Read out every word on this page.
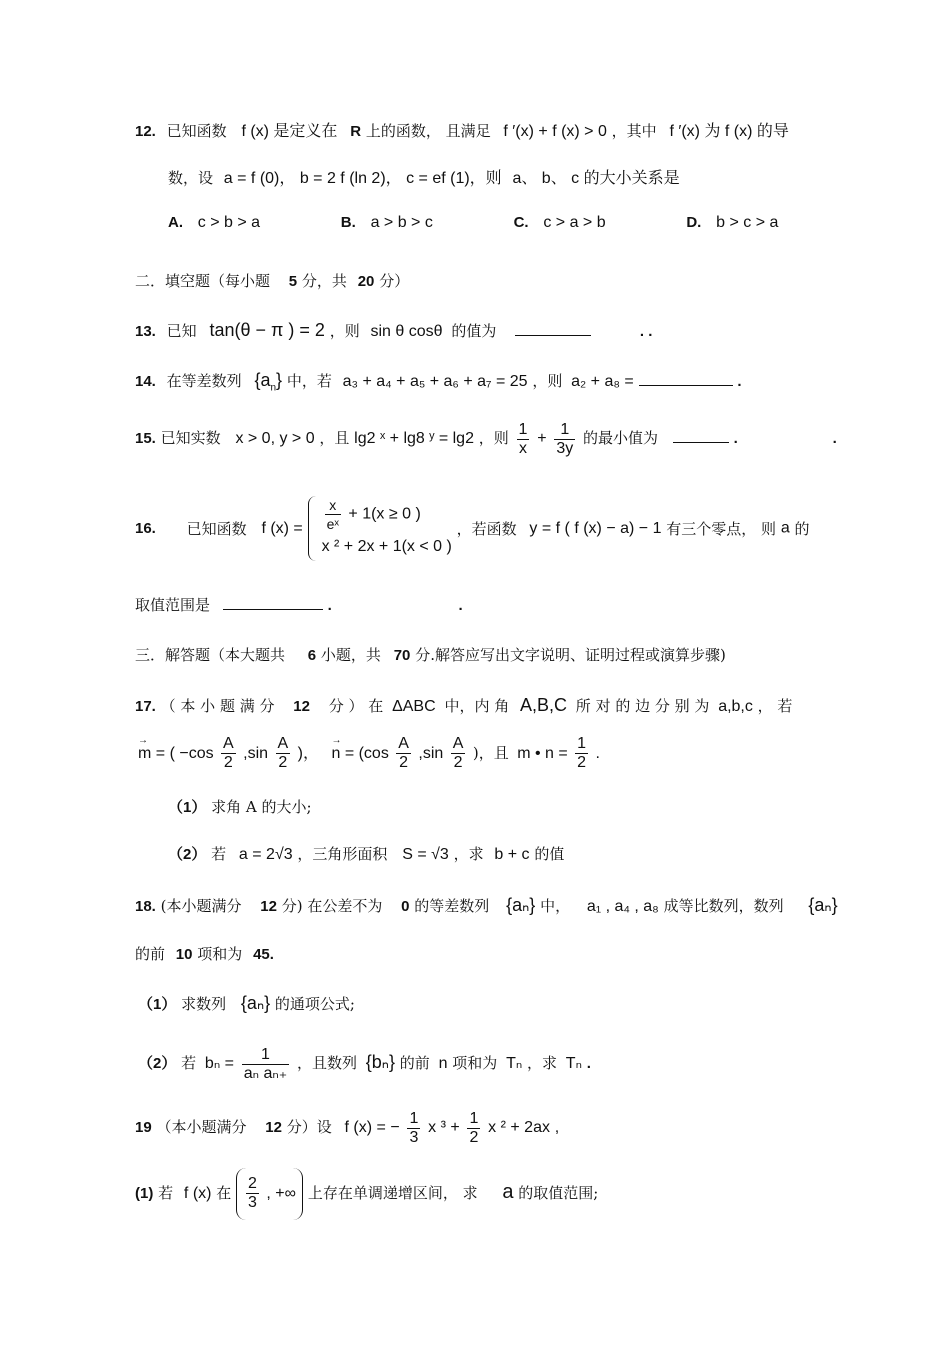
12. 已知函数 f (x) 是定义在 R 上的函数， 且满足 f ′(x) + f (x) > 0 ，其中 f ′(x) 为 f (x) 的导
数，设 a = f (0)， b = 2 f (ln 2)， c = ef (1)，则 a、 b、 c 的大小关系是
A. c > b > a	B. a > b > c	C. c > a > b	D. b > c > a
二．填空题（每小题 5 分，共 20 分）
13. 已知 tan(θ − π ) = 2 ，则 sin θ cosθ 的值为	. .
14. 在等差数列 $\{a_n\}$ 中，若 a₃ + a₄ + a₅ + a₆ + a₇ = 25 ，则 a₂ + a₈ =	.
15. 已知实数 x > 0, y > 0 ，且 lg2 ˣ + lg8 ʸ = lg2 ，则 $\frac{1}{x} + \frac{1}{3y}$ 的最小值为	.	.
16. 已知函数 f $(x) = \frac{x}{\text{eˣ}} + 1(x \ge 0$ )
x ² + 2x + 1(x < 0 )
，若函数 y = f ( f (x) − a) − 1 有三个零点， 则 a 的
取值范围是	.	.
三．解答题（本大题共 6 小题，共 70 分.解答应写出文字说明、证明过程或演算步骤)
17. （ 本 小 题 满 分 12 分 ） 在 ΔABC 中，内 角 A,B,C 所 对 的 边 分 别 为 a,b,c ， 若
→ m = ( $-\cos \frac{A}{2} ,\sin \frac{A}{2}$ )， → $n = (\cos \frac{A}{2} ,\sin \frac{A}{2}$ )，且 m • $n = \frac{1}{2}$ .
（1） 求角 A 的大小;
（2） 若 a = 2√3 ，三角形面积 S = √3 ，求 b + c 的值
18. (本小题满分 12 分) 在公差不为 0 的等差数列 {aₙ} 中， a₁ , a₄ , a₈ 成等比数列，数列 {aₙ}
的前 10 项和为 45.
（1） 求数列 {aₙ} 的通项公式;
（2） 若 $b_n = \frac{1}{\text{aₙ aₙ₊}}$ ，且数列 {bₙ} 的前 n 项和为 Tₙ ，求 Tₙ .
19 （本小题满分 12 分）设 f (x) = − $\frac{1}{3}$ x $^3 + \frac{1}{2}$ x ² + 2ax ,
(1) 若 f (x) 在 $\frac{2}{3}$ , +∞ 上存在单调递增区间， 求 a 的取值范围;
